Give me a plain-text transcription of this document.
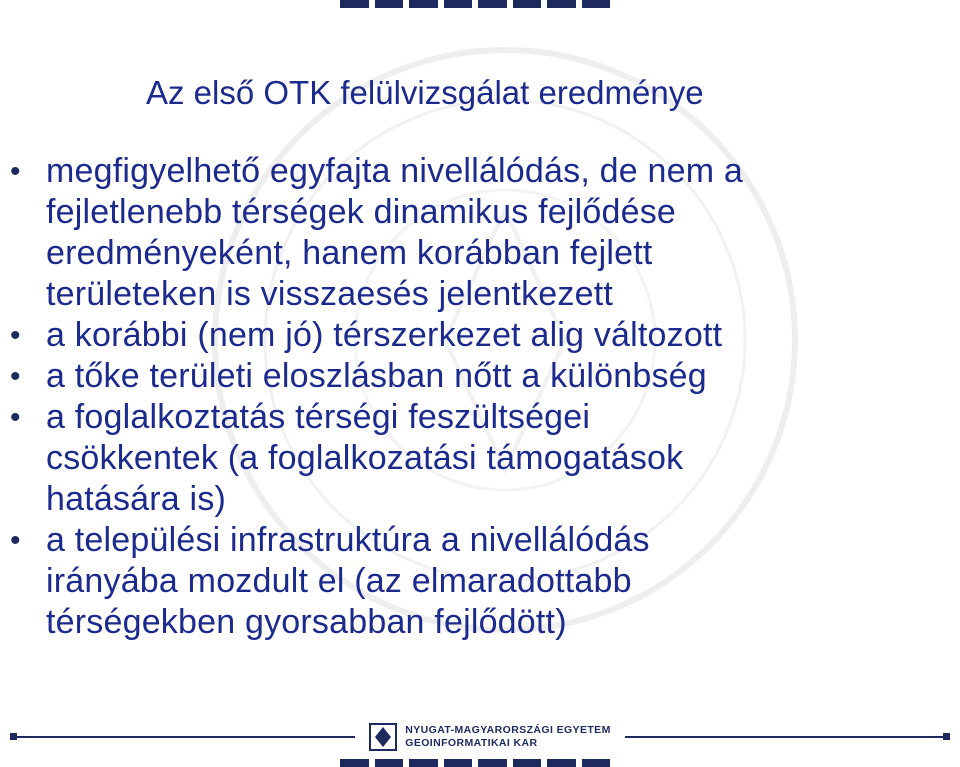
Az első OTK felülvizsgálat eredménye
• megfigyelhető egyfajta nivellálódás, de nem a
fejletlenebb térségek dinamikus fejlődése
eredményeként, hanem korábban fejlett
területeken is visszaesés jelentkezett
• a korábbi (nem jó) térszerkezet alig változott
• a tőke területi eloszlásban nőtt a különbség
• a foglalkoztatás térségi feszültségei
csökkentek (a foglalkozatási támogatások
hatására is)
• a települési infrastruktúra a nivellálódás
irányába mozdult el (az elmaradottabb
térségekben gyorsabban fejlődött)
NYUGAT-MAGYARORSZÁGI EGYETEM
GEOINFORMATIKAI KAR
